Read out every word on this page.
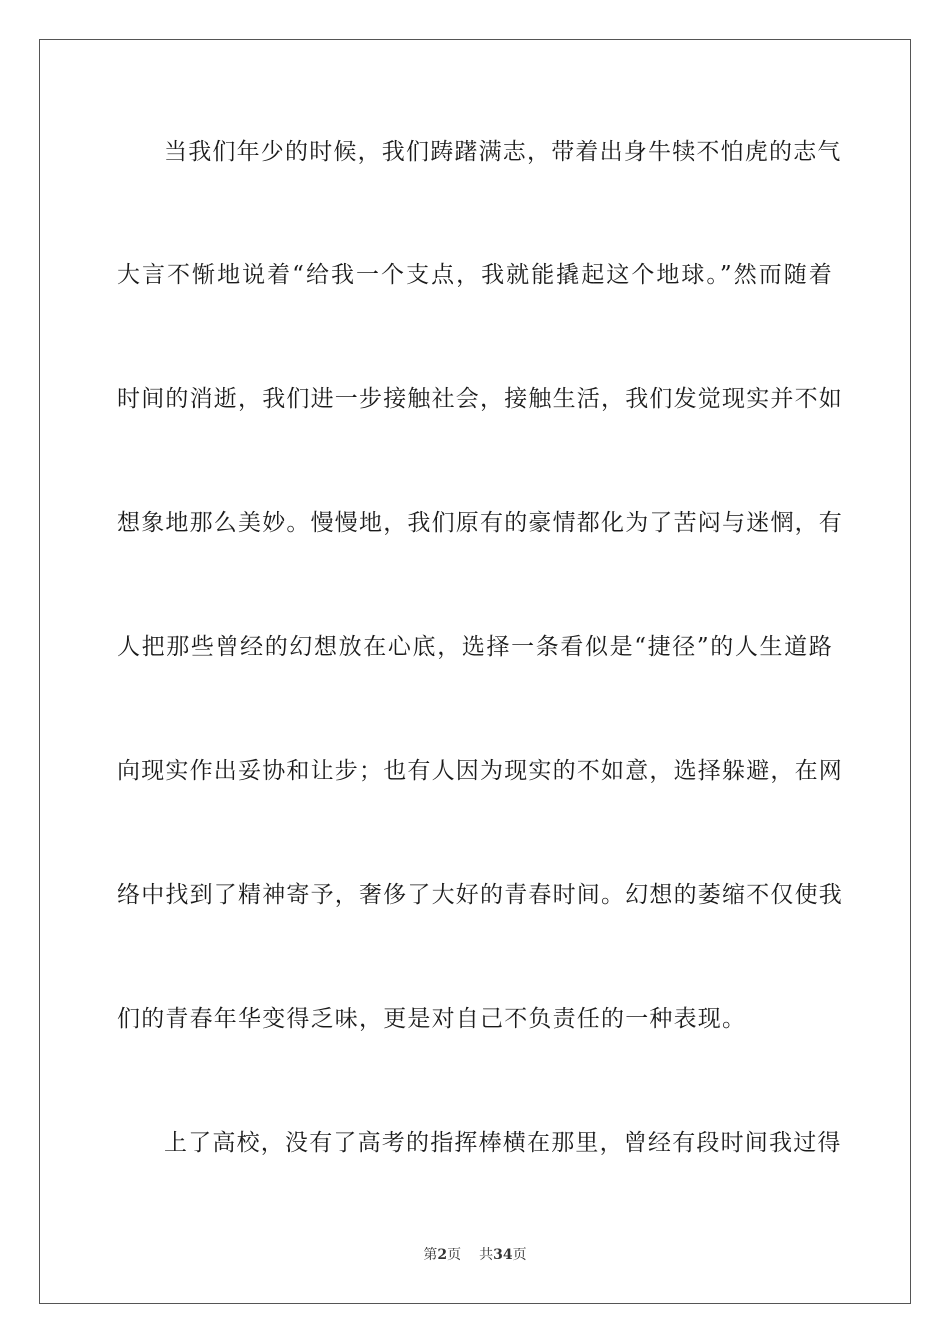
当我们年少的时候，我们踌躇满志，带着出身牛犊不怕虎的志气
大言不惭地说着“给我一个支点，我就能撬起这个地球。”然而随着
时间的消逝，我们进一步接触社会，接触生活，我们发觉现实并不如
想象地那么美妙。慢慢地，我们原有的豪情都化为了苦闷与迷惘，有
人把那些曾经的幻想放在心底，选择一条看似是“捷径”的人生道路
向现实作出妥协和让步；也有人因为现实的不如意，选择躲避，在网
络中找到了精神寄予，奢侈了大好的青春时间。幻想的萎缩不仅使我
们的青春年华变得乏味，更是对自己不负责任的一种表现。
上了高校，没有了高考的指挥棒横在那里，曾经有段时间我过得
第2页 共34页
